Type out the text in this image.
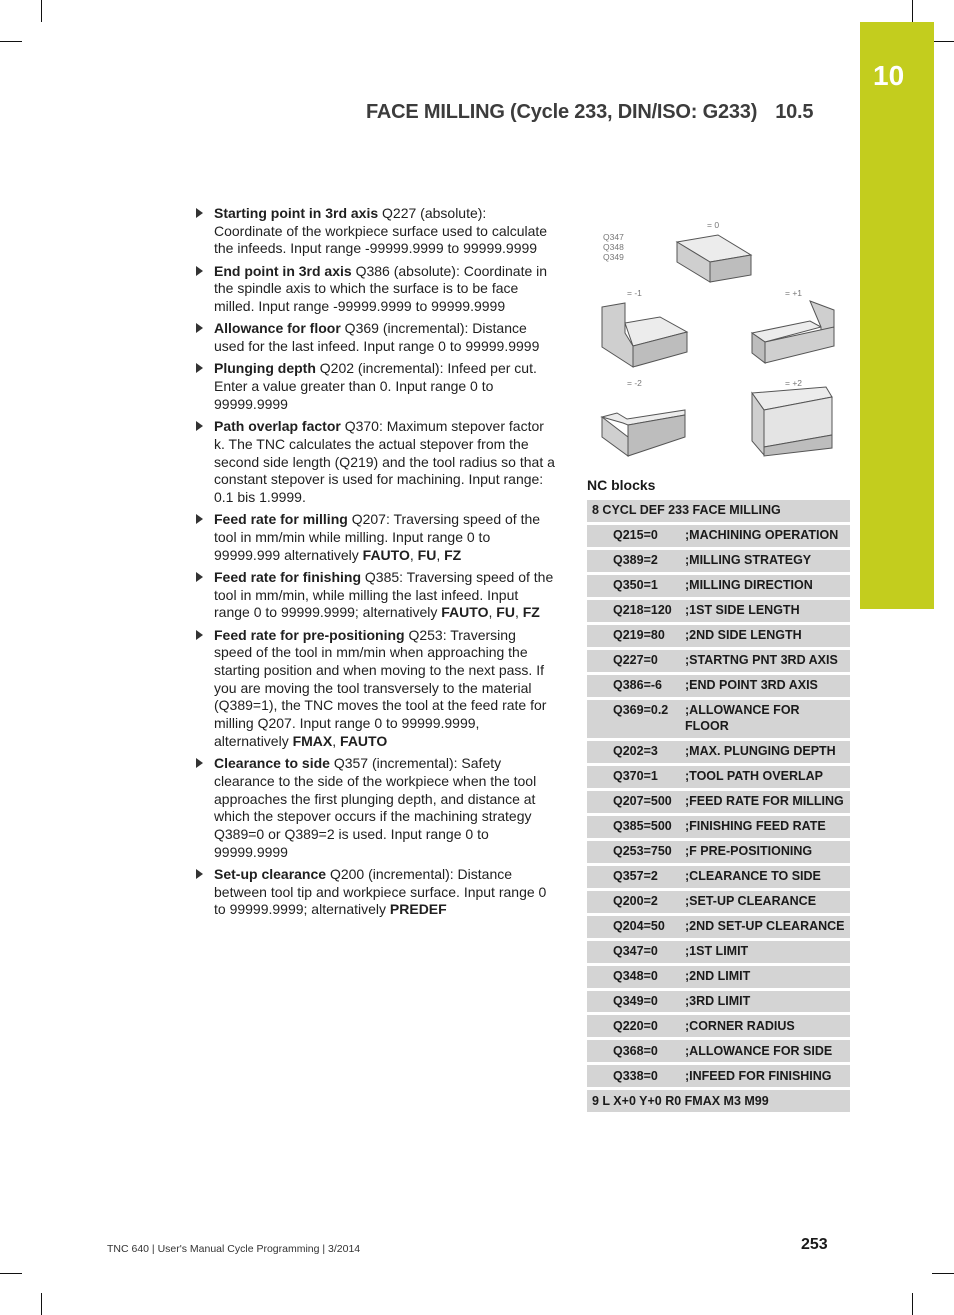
10
FACE MILLING (Cycle 233, DIN/ISO: G233) 10.5
Starting point in 3rd axis Q227 (absolute): Coordinate of the workpiece surface used to calculate the infeeds. Input range -99999.9999 to 99999.9999
End point in 3rd axis Q386 (absolute): Coordinate in the spindle axis to which the surface is to be face milled. Input range -99999.9999 to 99999.9999
Allowance for floor Q369 (incremental): Distance used for the last infeed. Input range 0 to 99999.9999
Plunging depth Q202 (incremental): Infeed per cut. Enter a value greater than 0. Input range 0 to 99999.9999
Path overlap factor Q370: Maximum stepover factor k. The TNC calculates the actual stepover from the second side length (Q219) and the tool radius so that a constant stepover is used for machining. Input range: 0.1 bis 1.9999.
Feed rate for milling Q207: Traversing speed of the tool in mm/min while milling. Input range 0 to 99999.999 alternatively FAUTO, FU, FZ
Feed rate for finishing Q385: Traversing speed of the tool in mm/min, while milling the last infeed. Input range 0 to 99999.9999; alternatively FAUTO, FU, FZ
Feed rate for pre-positioning Q253: Traversing speed of the tool in mm/min when approaching the starting position and when moving to the next pass. If you are moving the tool transversely to the material (Q389=1), the TNC moves the tool at the feed rate for milling Q207. Input range 0 to 99999.9999, alternatively FMAX, FAUTO
Clearance to side Q357 (incremental): Safety clearance to the side of the workpiece when the tool approaches the first plunging depth, and distance at which the stepover occurs if the machining strategy Q389=0 or Q389=2 is used. Input range 0 to 99999.9999
Set-up clearance Q200 (incremental): Distance between tool tip and workpiece surface. Input range 0 to 99999.9999; alternatively PREDEF
Q347
Q348
Q349
= 0
= -1	= +1
= -2	= +2
NC blocks
8 CYCL DEF 233 FACE MILLING
Q215=0	;MACHINING OPERATION
Q389=2	;MILLING STRATEGY
Q350=1	;MILLING DIRECTION
Q218=120	;1ST SIDE LENGTH
Q219=80	;2ND SIDE LENGTH
Q227=0	;STARTNG PNT 3RD AXIS
Q386=-6	;END POINT 3RD AXIS
Q369=0.2	;ALLOWANCE FOR FLOOR
Q202=3	;MAX. PLUNGING DEPTH
Q370=1	;TOOL PATH OVERLAP
Q207=500	;FEED RATE FOR MILLING
Q385=500	;FINISHING FEED RATE
Q253=750	;F PRE-POSITIONING
Q357=2	;CLEARANCE TO SIDE
Q200=2	;SET-UP CLEARANCE
Q204=50	;2ND SET-UP CLEARANCE
Q347=0	;1ST LIMIT
Q348=0	;2ND LIMIT
Q349=0	;3RD LIMIT
Q220=0	;CORNER RADIUS
Q368=0	;ALLOWANCE FOR SIDE
Q338=0	;INFEED FOR FINISHING
9 L X+0 Y+0 R0 FMAX M3 M99
TNC 640 | User's Manual Cycle Programming | 3/2014	253
